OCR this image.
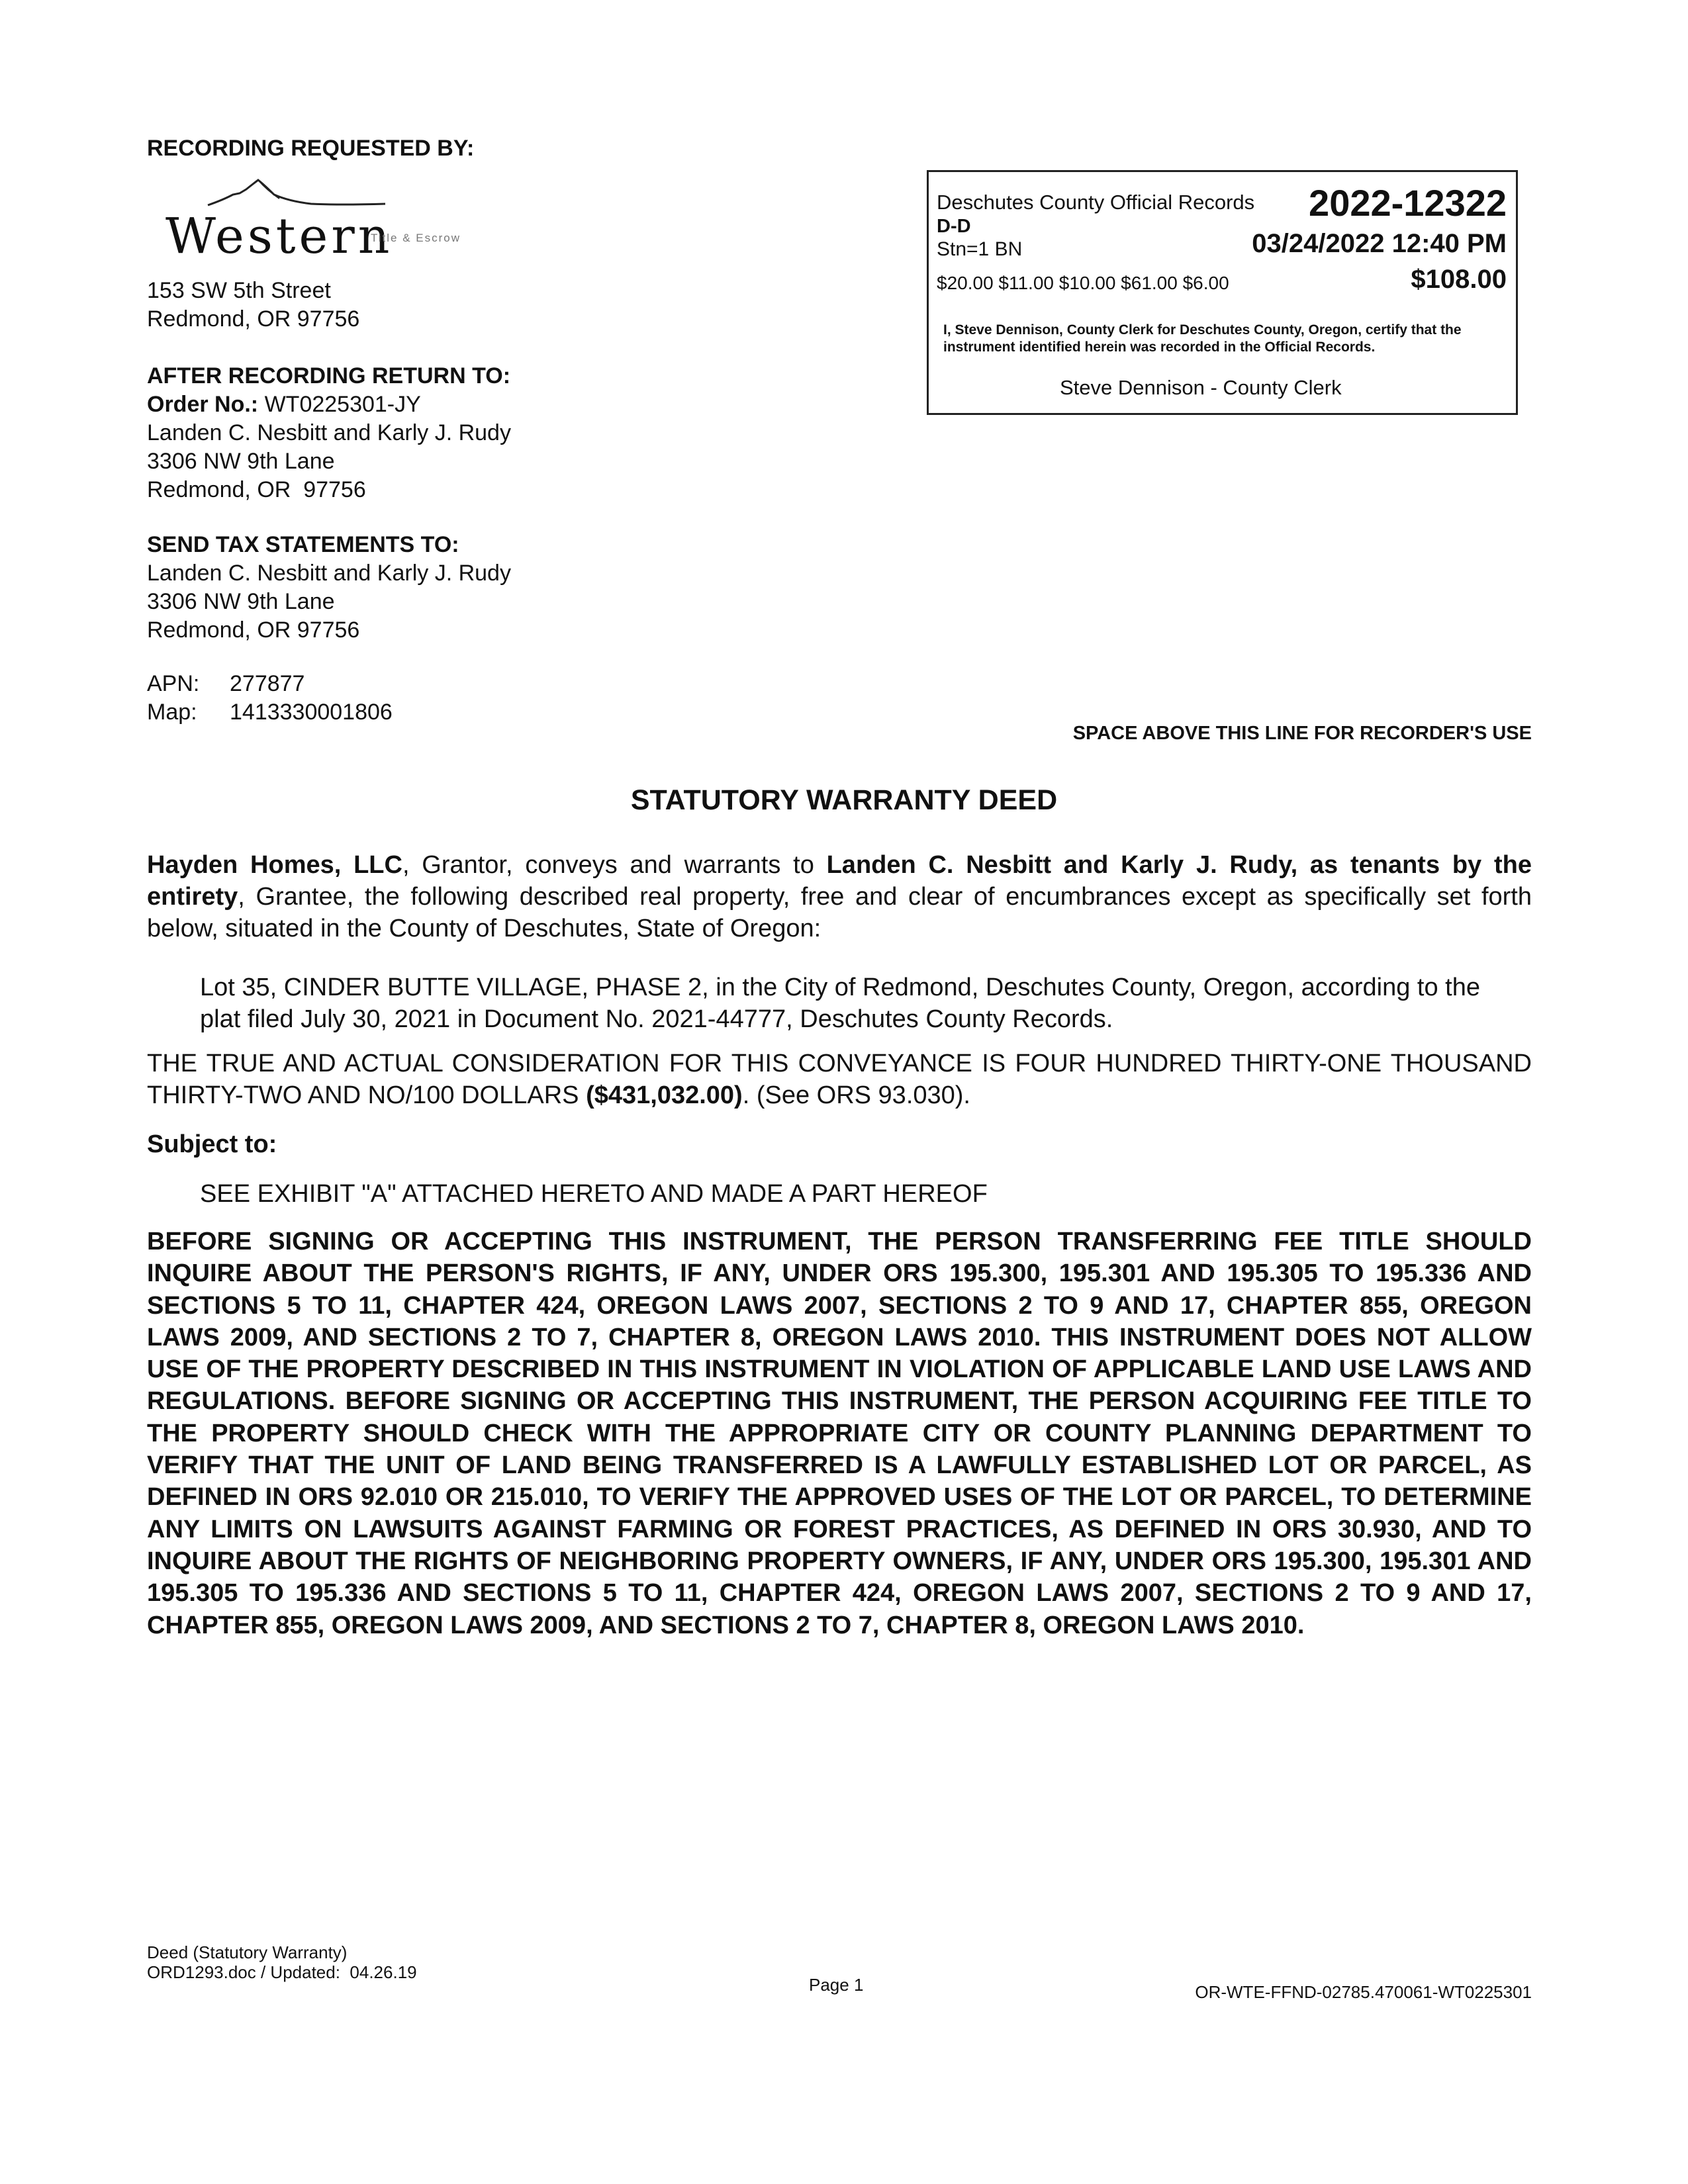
RECORDING REQUESTED BY:
Western
Title & Escrow
153 SW 5th Street
Redmond, OR 97756
AFTER RECORDING RETURN TO:
Order No.: WT0225301-JY
Landen C. Nesbitt and Karly J. Rudy
3306 NW 9th Lane
Redmond, OR  97756
SEND TAX STATEMENTS TO:
Landen C. Nesbitt and Karly J. Rudy
3306 NW 9th Lane
Redmond, OR 97756
APN:	277877
Map:	1413330001806
Deschutes County Official Records 2022-12322
D-D
Stn=1 BN	03/24/2022 12:40 PM
$20.00 $11.00 $10.00 $61.00 $6.00	$108.00
I, Steve Dennison, County Clerk for Deschutes County, Oregon, certify that the instrument identified herein was recorded in the Official Records.
Steve Dennison - County Clerk
SPACE ABOVE THIS LINE FOR RECORDER'S USE
STATUTORY WARRANTY DEED
Hayden Homes, LLC, Grantor, conveys and warrants to Landen C. Nesbitt and Karly J. Rudy, as tenants by the entirety, Grantee, the following described real property, free and clear of encumbrances except as specifically set forth below, situated in the County of Deschutes, State of Oregon:
Lot 35, CINDER BUTTE VILLAGE, PHASE 2, in the City of Redmond, Deschutes County, Oregon, according to the plat filed July 30, 2021 in Document No. 2021-44777, Deschutes County Records.
THE TRUE AND ACTUAL CONSIDERATION FOR THIS CONVEYANCE IS FOUR HUNDRED THIRTY-ONE THOUSAND THIRTY-TWO AND NO/100 DOLLARS ($431,032.00). (See ORS 93.030).
Subject to:
SEE EXHIBIT "A" ATTACHED HERETO AND MADE A PART HEREOF
BEFORE SIGNING OR ACCEPTING THIS INSTRUMENT, THE PERSON TRANSFERRING FEE TITLE SHOULD INQUIRE ABOUT THE PERSON'S RIGHTS, IF ANY, UNDER ORS 195.300, 195.301 AND 195.305 TO 195.336 AND SECTIONS 5 TO 11, CHAPTER 424, OREGON LAWS 2007, SECTIONS 2 TO 9 AND 17, CHAPTER 855, OREGON LAWS 2009, AND SECTIONS 2 TO 7, CHAPTER 8, OREGON LAWS 2010. THIS INSTRUMENT DOES NOT ALLOW USE OF THE PROPERTY DESCRIBED IN THIS INSTRUMENT IN VIOLATION OF APPLICABLE LAND USE LAWS AND REGULATIONS. BEFORE SIGNING OR ACCEPTING THIS INSTRUMENT, THE PERSON ACQUIRING FEE TITLE TO THE PROPERTY SHOULD CHECK WITH THE APPROPRIATE CITY OR COUNTY PLANNING DEPARTMENT TO VERIFY THAT THE UNIT OF LAND BEING TRANSFERRED IS A LAWFULLY ESTABLISHED LOT OR PARCEL, AS DEFINED IN ORS 92.010 OR 215.010, TO VERIFY THE APPROVED USES OF THE LOT OR PARCEL, TO DETERMINE ANY LIMITS ON LAWSUITS AGAINST FARMING OR FOREST PRACTICES, AS DEFINED IN ORS 30.930, AND TO INQUIRE ABOUT THE RIGHTS OF NEIGHBORING PROPERTY OWNERS, IF ANY, UNDER ORS 195.300, 195.301 AND 195.305 TO 195.336 AND SECTIONS 5 TO 11, CHAPTER 424, OREGON LAWS 2007, SECTIONS 2 TO 9 AND 17, CHAPTER 855, OREGON LAWS 2009, AND SECTIONS 2 TO 7, CHAPTER 8, OREGON LAWS 2010.
Deed (Statutory Warranty)
ORD1293.doc / Updated:  04.26.19
Page 1	OR-WTE-FFND-02785.470061-WT0225301
